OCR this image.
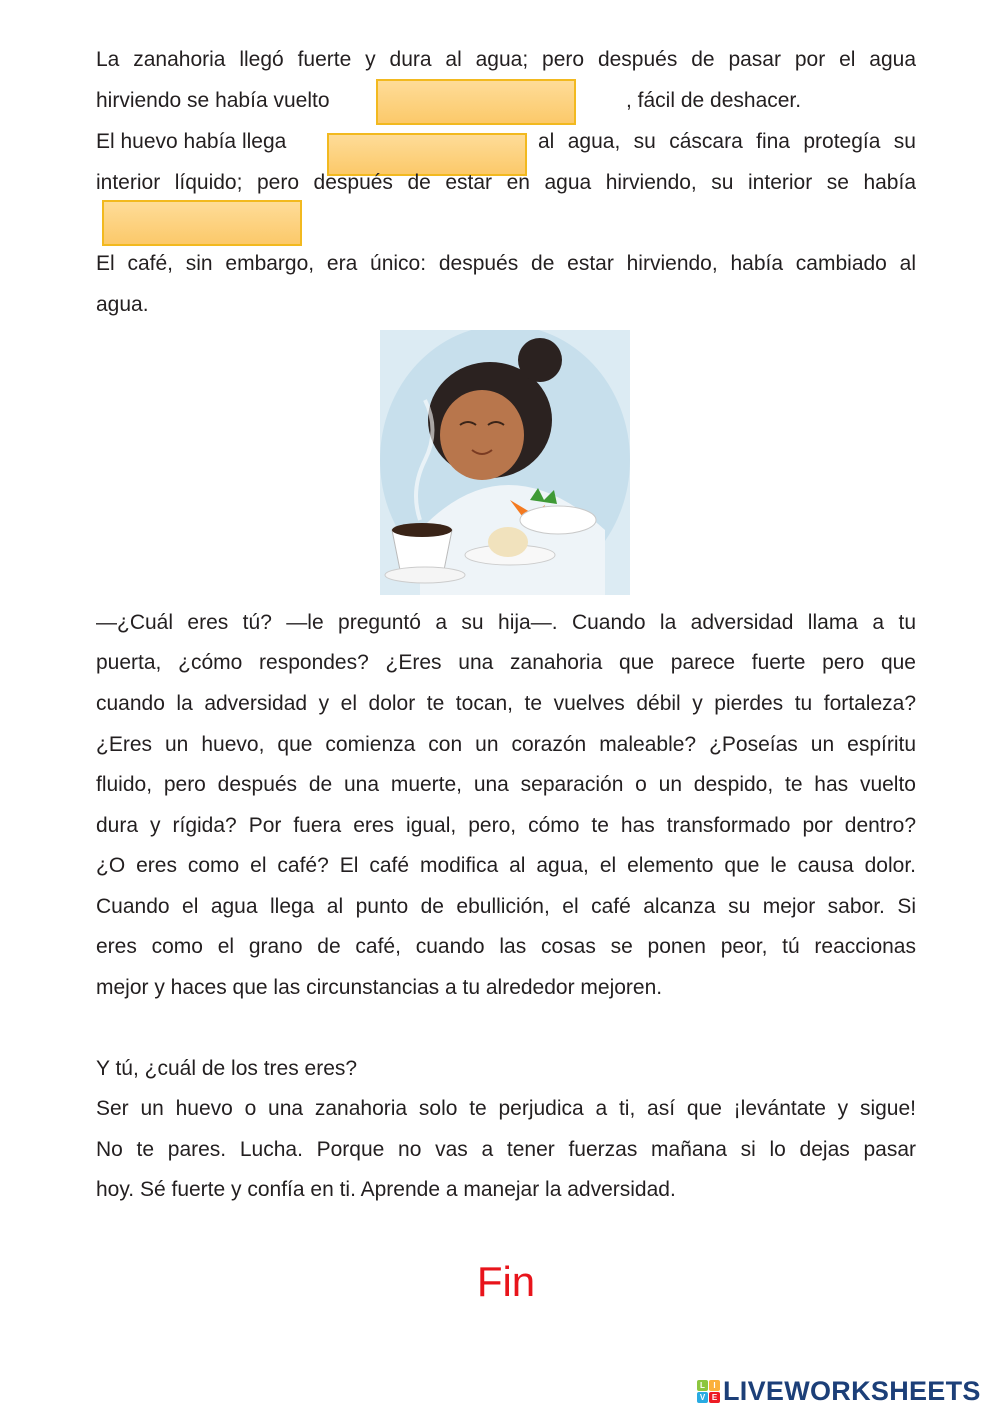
La zanahoria llegó fuerte y dura al agua; pero después de pasar por el agua
hirviendo se había vuelto	, fácil de deshacer.
El huevo había llega	al agua, su cáscara fina protegía su
interior líquido; pero después de estar en agua hirviendo, su interior se había
El café, sin embargo, era único: después de estar hirviendo, había cambiado al
agua.
—¿Cuál eres tú? —le preguntó a su hija—. Cuando la adversidad llama a tu
puerta, ¿cómo respondes? ¿Eres una zanahoria que parece fuerte pero que
cuando la adversidad y el dolor te tocan, te vuelves débil y pierdes tu fortaleza?
¿Eres un huevo, que comienza con un corazón maleable? ¿Poseías un espíritu
fluido, pero después de una muerte, una separación o un despido, te has vuelto
dura y rígida? Por fuera eres igual, pero, cómo te has transformado por dentro?
¿O eres como el café? El café modifica al agua, el elemento que le causa dolor.
Cuando el agua llega al punto de ebullición, el café alcanza su mejor sabor. Si
eres como el grano de café, cuando las cosas se ponen peor, tú reaccionas
mejor y haces que las circunstancias a tu alrededor mejoren.
Y tú, ¿cuál de los tres eres?
Ser un huevo o una zanahoria solo te perjudica a ti, así que ¡levántate y sigue!
No te pares. Lucha. Porque no vas a tener fuerzas mañana si lo dejas pasar
hoy. Sé fuerte y confía en ti. Aprende a manejar la adversidad.
Fin
L	I
V E LIVEWORKSHEETS
